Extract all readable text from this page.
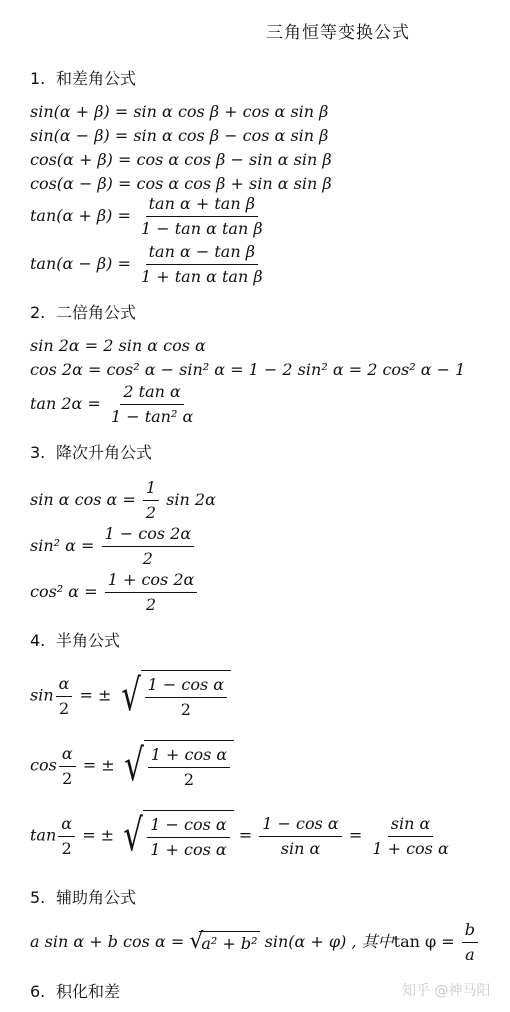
三角恒等变换公式
1. 和差角公式
sin(α + β) = sin α cos β + cos α sin β
sin(α − β) = sin α cos β − cos α sin β
cos(α + β) = cos α cos β − sin α sin β
cos(α − β) = cos α cos β + sin α sin β
$\tan(\alpha + \beta) = \frac{\text{tan α + tan β}}{\text{1 − tan α tan β}}$
$\tan(\alpha - \beta) = \frac{\text{tan α − tan β}}{\text{1 + tan α tan β}}$
2. 二倍角公式
sin 2α = 2 sin α cos α
cos 2α = cos² α − sin² α = 1 − 2 sin² α = 2 cos² α − 1
$\tan 2\alpha = \frac{\text{2 tan α}}{\text{1 − tan² α}}$
3. 降次升角公式
sin α $\cos \alpha = \frac{1}{2}$ sin 2α
sin² $\alpha = \frac{1 - \cos 2\alpha}{2}$
cos² $\alpha = \frac{1 + \cos 2\alpha}{2}$
4. 半角公式
$\sin \frac{\alpha}{2}$ = ± √ $\frac{\text{1 − cos α}}{2}$
$\cos \frac{\alpha}{2}$ = ± √ $\frac{\text{1 + cos α}}{2}$
$\tan \frac{\alpha}{2}$ = ± √ $\frac{\text{1 − cos α}}{\text{1 + cos α}} = \frac{\text{1 − cos α}}{\text{sin α}} = \frac{\text{sin α}}{\text{1 + cos α}}$
5. 辅助角公式
a sin α + b cos α = √
a² + b² sin(α + φ) , 其中$\tan \varphi = \frac{b}{a}$
6. 积化和差	知乎 @神马阳
